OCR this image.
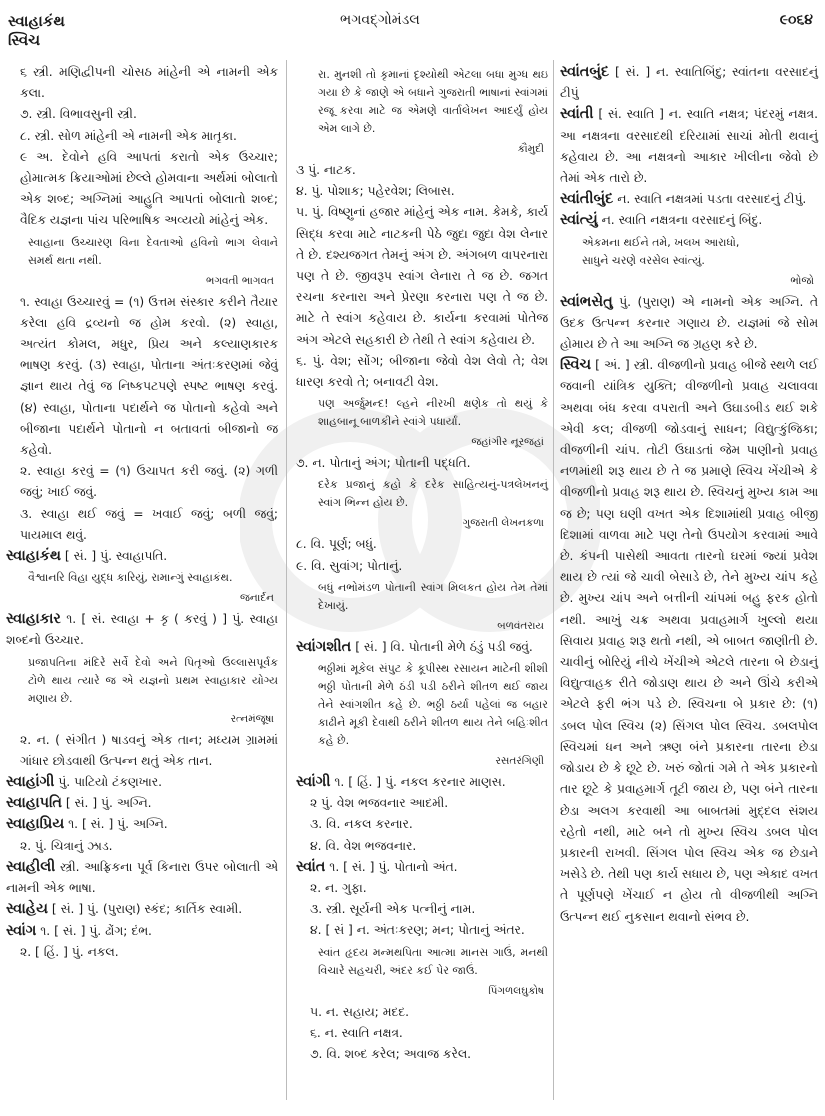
સ્વાહાકંથ
સ્વિચ
ભગવદ્ગોમંડલ	૯૦૬૪

૬ સ્ત્રી. મણિદ્વીપની ચોસઠ માંહેની એ નામની એક કલા.

૭. સ્ત્રી. વિભાવસુની સ્ત્રી.

૮. સ્ત્રી. સોળ માંહેની એ નામની એક માતૃકા.

૯ અ. દેવોને હવિ આપતાં કરાતો એક ઉચ્ચાર; હોમાત્મક ક્રિયાઓમાં છેલ્લે હોમવાના અર્થમાં બોલાતો એક શબ્દ; અગ્નિમાં આહુતિ આપતાં બોલાતો શબ્દ; વૈદિક યજ્ઞના પાંચ પરિભાષિક અવ્યયો માંહેનું એક.

સ્વાહાના ઉચ્ચારણ વિના દેવતાઓ હવિનો ભાગ લેવાને સમર્થ થતા નથી.

ભગવતી ભાગવત

૧. સ્વાહા ઉચ્ચારવું = (૧) ઉત્તમ સંસ્કાર કરીને તૈયાર કરેલા હવિ દ્રવ્યનો જ હોમ કરવો. (૨) સ્વાહા, અત્યંત કોમલ, મધુર, પ્રિય અને કલ્યાણકારક ભાષણ કરવું. (૩) સ્વાહા, પોતાના અંતઃકરણમાં જેવું જ્ઞાન થાય તેવું જ નિષ્કપટપણે સ્પષ્ટ ભાષણ કરવું. (૪) સ્વાહા, પોતાના પદાર્થને જ પોતાનો કહેવો અને બીજાના પદાર્થને પોતાનો ન બતાવતાં બીજાનો જ કહેવો.

૨. સ્વાહા કરવું = (૧) ઉચાપત કરી જવું. (૨) ગળી જવું; ખાઈ જવું.

૩. સ્વાહા થઈ જવું = ખવાઈ જવું; બળી જવું; પાયમાલ થવું.

સ્વાહાકંથ [ સં. ] પું. સ્વાહાપતિ.

વૈશ્વાનરિ વિહા યુદ્ધ કારિયું, રામાન્ગું સ્વાહાકંથ.

જનાર્દન

સ્વાહાકાર ૧. [ સં. સ્વાહા + કૃ ( કરવું ) ] પું. સ્વાહા શબ્દનો ઉચ્ચાર.

પ્રજાપતિના મંદિરે સર્વે દેવો અને પિતૃઓ ઉલ્લાસપૂર્વક ટોળે થાય ત્યારે જ એ યજ્ઞનો પ્રથમ સ્વાહાકાર યોગ્ય મણાય છે.

રત્નમંજૂષા

૨. ન. ( સંગીત ) ષાડવનું એક તાન; મધ્યમ ગ્રામમાં ગાંધાર છોડવાથી ઉત્પન્ન થતું એક તાન.

સ્વાહાંગી પું. પાટિયો ટંકણખાર.

સ્વાહાપતિ [ સં. ] પું. અગ્નિ.

સ્વાહાપ્રિય ૧. [ સં. ] પું. અગ્નિ.

૨. પું. ચિત્રાનું ઝાડ.

સ્વાહીલી સ્ત્રી. આફ્રિકના પૂર્વ કિનારા ઉપર બોલાતી એ નામની એક ભાષા.

સ્વાહેય [ સં. ] પું. (પુરાણ) સ્કંદ; કાર્તિક સ્વામી.

સ્વાંગ ૧. [ સં. ] પું. ઢોંગ; દંભ.

૨. [ હિં. ] પું. નકલ.

રા. મુનશી તો કૃમાનાં દૃશ્યોથી એટલા બધા મુગ્ધ થઇ ગયા છે કે જાણે એ બધાને ગુજરાતી ભાષાનાં સ્વાંગમાં રજૂ કરવા માટે જ એમણે વાર્તાલેખન આદર્યું હોય એમ લાગે છે.

કૌમુદી

૩ પું. નાટક.

૪. પું. પોશાક; પહેરવેશ; લિબાસ.

૫. પું. વિષ્ણુનાં હજાર માંહેનું એક નામ. કેમકે, કાર્ય સિદ્ધ કરવા માટે નાટકની પેઠે જુદા જુદા વેશ લેનાર તે છે. દશ્યજગત તેમનું અંગ છે. અંગબળ વાપરનારા પણ તે છે. જીવરૂપ સ્વાંગ લેનારા તે જ છે. જગત રચના કરનારા અને પ્રેરણા કરનારા પણ તે જ છે. માટે તે સ્વાંગ કહેવાય છે. કાર્યના કરવામાં પોતેજ અંગ એટલે સહકારી છે તેથી તે સ્વાંગ કહેવાય છે.

૬. પું. વેશ; સોંગ; બીજાના જેવો વેશ લેવો તે; વેશ ધારણ કરવો તે; બનાવટી વેશ.

પણ અર્જુમન્દ! લ્હને નીરખી ક્ષણેક તો થયું કે શાહબાનૂ બાળકીને સ્વાંગે પધાર્યાં.

જહાંગીર નૂરજહાં

૭. ન. પોતાનું અંગ; પોતાની પદ્ધતિ.

દરેક પ્રજાનું કહો કે દરેક સાહિત્યનું-પત્રલેખનનું સ્વાંગ ભિન્ન હોય છે.

ગુજરાતી લેખનકળા

૮. વિ. પૂર્ણ; બધું.

૯. વિ. સુવાંગ; પોતાનું.

બધું નભોમંડળ પોતાની સ્વાંગ મિલકત હોય તેમ તેમાં દેખાયું.

બળવંતરાય

સ્વાંગશીત [ સં. ] વિ. પોતાની મેળે ઠંડું પડી જવું.

ભઠ્ઠીમાં મૂકેલ સંપુટ કે કૂપીસ્થ રસાયન માટેની શીશી ભઠ્ઠી પોતાની મેળે ઠંડી પડી ઠરીને શીતળ થઈ જાય તેને સ્વાંગશીત કહે છે. ભઠ્ઠી ઠર્યા પહેલાં જ બહાર કાઢીને મૂકી દેવાથી ઠરીને શીતળ થાય તેને બહિઃશીત કહે છે.

રસતરંગિણી

સ્વાંગી ૧. [ હિં. ] પું. નકલ કરનાર માણસ.

૨ પું. વેશ ભજવનાર આદમી.

૩. વિ. નકલ કરનાર.

૪. વિ. વેશ ભજવનાર.

સ્વાંત ૧. [ સં. ] પું. પોતાનો અંત.

૨. ન. ગુફા.

૩. સ્ત્રી. સૂર્યની એક પત્નીનું નામ.

૪. [ સં ] ન. અંતઃકરણ; મન; પોતાનું અંતર.

સ્વાંત હૃદય મન્મથપિતા આત્મા માનસ ગાઉં, મનથી વિચારે સહચરી, અંદર કઈ પેર જાઉં.

પિંગળલઘુકોષ

૫. ન. સહાય; મદદ.

૬. ન. સ્વાતિ નક્ષત્ર.

૭. વિ. શબ્દ કરેલ; અવાજ કરેલ.

સ્વાંતબુંદ [ સં. ] ન. સ્વાતિબિંદુ; સ્વાંતના વરસાદનું ટીપું

સ્વાંતી [ સં. સ્વાતિ ] ન. સ્વાતિ નક્ષત્ર; પંદરમું નક્ષત્ર. આ નક્ષત્રના વરસાદથી દરિયામાં સાચાં મોતી થવાનું કહેવાય છે. આ નક્ષત્રનો આકાર ખીલીના જેવો છે તેમાં એક તારો છે.

સ્વાંતીબુંદ ન. સ્વાતિ નક્ષત્રમાં પડતા વરસાદનું ટીપું.

સ્વાંત્યું ન. સ્વાતિ નક્ષત્રના વરસાદનું બિંદુ.

એકમના થઈને તમે, ખલખ આરાધો,

સાધુને ચરણે વરસેલ સ્વાંત્યું.

ભોજો

સ્વાંભસેતુ પું. (પુરાણ) એ નામનો એક અગ્નિ. તે ઉદક ઉત્પન્ન કરનાર ગણાય છે. યજ્ઞમાં જે સોમ હોમાય છે તે આ અગ્નિ જ ગ્રહણ કરે છે.

સ્વિચ [ અં. ] સ્ત્રી. વીજળીનો પ્રવાહ બીજે સ્થળે લઈ જવાની યાંત્રિક યુક્તિ; વીજળીનો પ્રવાહ ચલાવવા અથવા બંધ કરવા વપરાતી અને ઉઘાડબીડ થઈ શકે એવી કલ; વીજળી જોડવાનું સાધન; વિદ્યુત્કુંજિકા; વીજળીની ચાંપ. તોટી ઉઘાડતાં જેમ પાણીનો પ્રવાહ નળમાંથી શરૂ થાય છે તે જ પ્રમાણે સ્વિચ ખેંચીએ કે વીજળીનો પ્રવાહ શરૂ થાય છે. સ્વિચનું મુખ્ય કામ આ જ છે; પણ ઘણી વખત એક દિશામાંથી પ્રવાહ બીજી દિશામાં વાળવા માટે પણ તેનો ઉપયોગ કરવામાં આવે છે. કંપની પાસેથી આવતા તારનો ઘરમાં જ્યાં પ્રવેશ થાય છે ત્યાં જે ચાવી બેસાડે છે, તેને મુખ્ય ચાંપ કહે છે. મુખ્ય ચાંપ અને બત્તીની ચાંપમાં બહુ ફરક હોતો નથી. આખું ચક્ર અથવા પ્રવાહમાર્ગ ખુલ્લો થયા સિવાય પ્રવાહ શરૂ થતો નથી, એ બાબત જાણીતી છે. ચાવીનું બોરિયું નીચે ખેંચીએ એટલે તારના બે છેડાનું વિદ્યુત્વાહક રીતે જોડાણ થાય છે અને ઊંચે કરીએ એટલે ફરી ભંગ પડે છે. સ્વિચના બે પ્રકાર છે: (૧) ડબલ પોલ સ્વિચ (૨) સિંગલ પોલ સ્વિચ. ડબલપોલ સ્વિચમાં ધન અને ઋણ બંને પ્રકારના તારના છેડા જોડાય છે કે છૂટે છે. ખરું જોતાં ગમે તે એક પ્રકારનો તાર છૂટે કે પ્રવાહમાર્ગ તૂટી જાય છે, પણ બંને તારના છેડા અલગ કરવાથી આ બાબતમાં મુદ્દલ સંશય રહેતો નથી, માટે બને તો મુખ્ય સ્વિચ ડબલ પોલ પ્રકારની રાખવી. સિંગલ પોલ સ્વિચ એક જ છેડાને ખસેડે છે. તેથી પણ કાર્ય સધાય છે, પણ એકાદ વખત તે પૂર્ણપણે ખેંચાઈ ન હોય તો વીજળીથી અગ્નિ ઉત્પન્ન થઈ નુકસાન થવાનો સંભવ છે.
